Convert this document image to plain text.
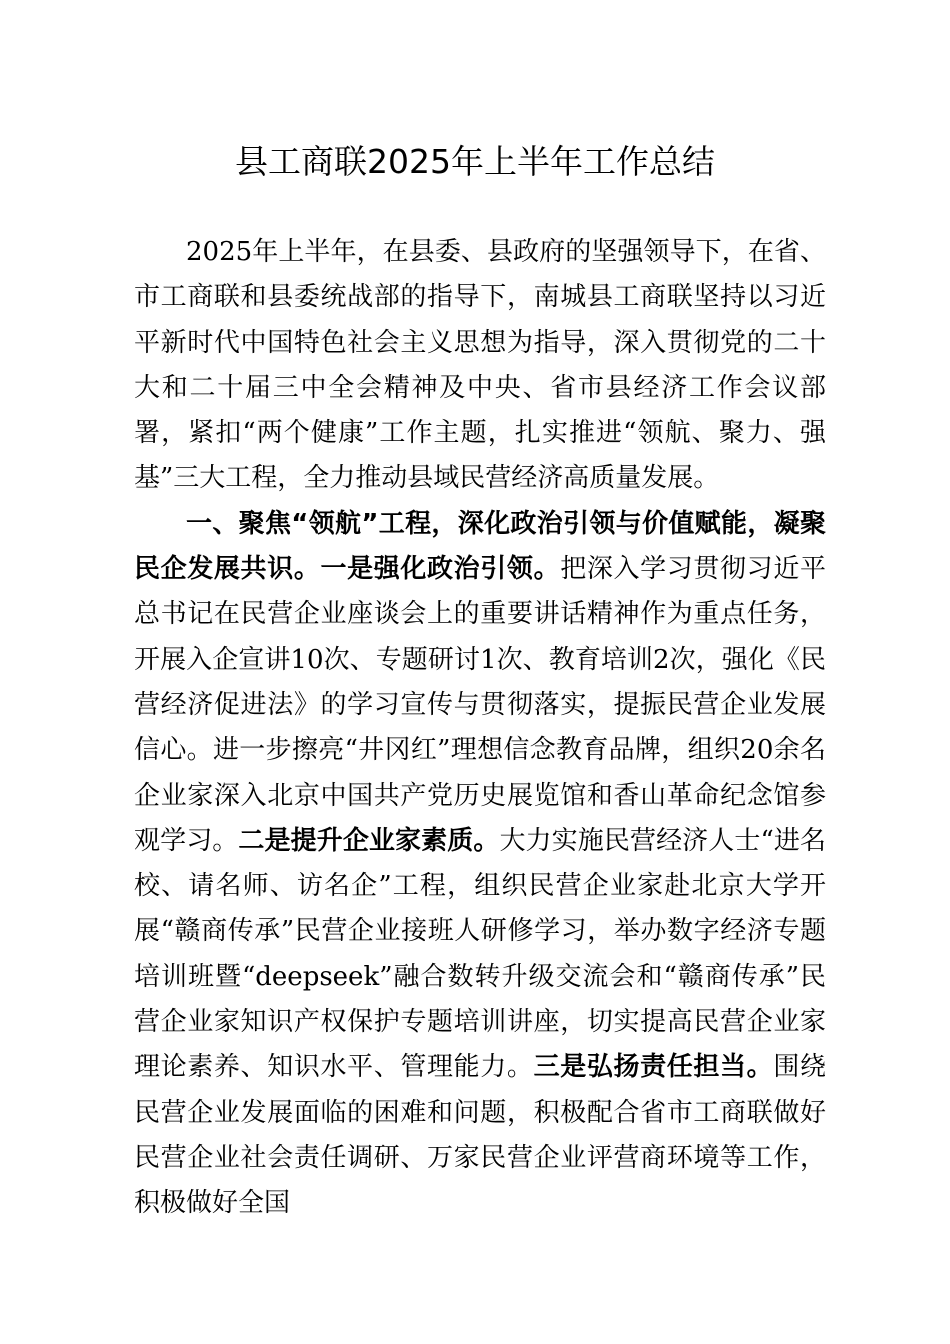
县工商联2025年上半年工作总结

2025年上半年，在县委、县政府的坚强领导下，在省、市工商联和县委统战部的指导下，南城县工商联坚持以习近平新时代中国特色社会主义思想为指导，深入贯彻党的二十大和二十届三中全会精神及中央、省市县经济工作会议部署，紧扣“两个健康”工作主题，扎实推进“领航、聚力、强基”三大工程，全力推动县域民营经济高质量发展。

一、聚焦“领航”工程，深化政治引领与价值赋能，凝聚民企发展共识。一是强化政治引领。把深入学习贯彻习近平总书记在民营企业座谈会上的重要讲话精神作为重点任务，开展入企宣讲10次、专题研讨1次、教育培训2次，强化《民营经济促进法》的学习宣传与贯彻落实，提振民营企业发展信心。进一步擦亮“井冈红”理想信念教育品牌，组织20余名企业家深入北京中国共产党历史展览馆和香山革命纪念馆参观学习。二是提升企业家素质。大力实施民营经济人士“进名校、请名师、访名企”工程，组织民营企业家赴北京大学开展“赣商传承”民营企业接班人研修学习，举办数字经济专题培训班暨“deepseek”融合数转升级交流会和“赣商传承”民营企业家知识产权保护专题培训讲座，切实提高民营企业家理论素养、知识水平、管理能力。三是弘扬责任担当。围绕民营企业发展面临的困难和问题，积极配合省市工商联做好民营企业社会责任调研、万家民营企业评营商环境等工作，积极做好全国
